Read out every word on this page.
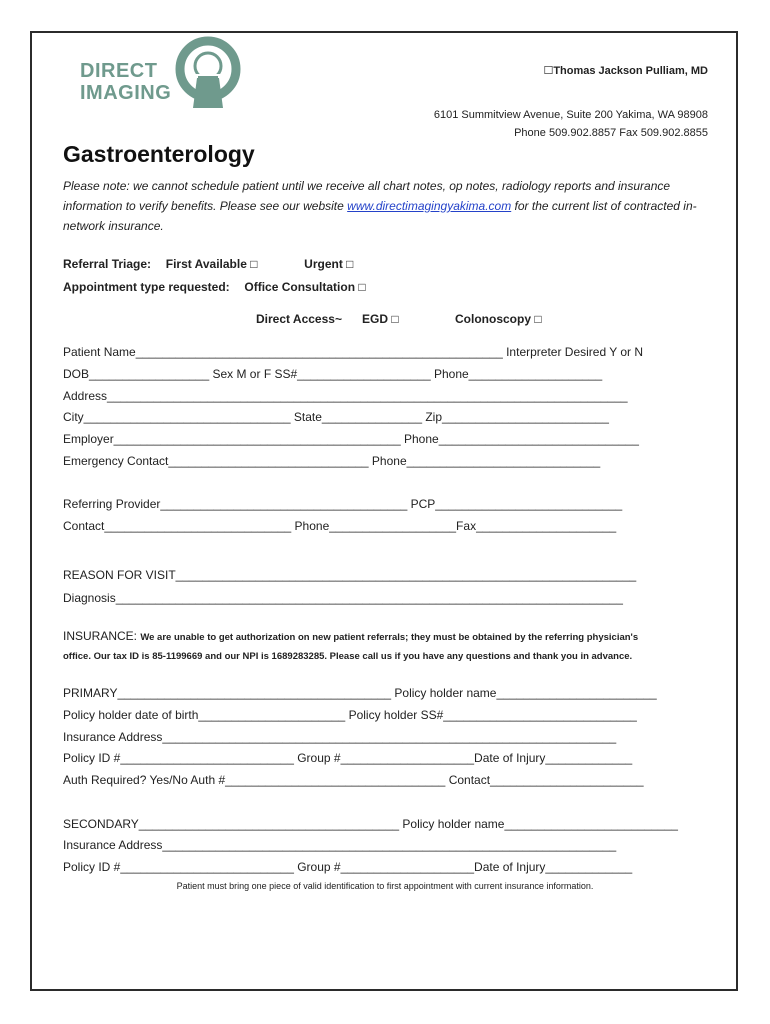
DIRECT
IMAGING
☐Thomas Jackson Pulliam, MD
6101 Summitview Avenue, Suite 200 Yakima, WA 98908
Phone 509.902.8857 Fax 509.902.8855
Gastroenterology
Please note: we cannot schedule patient until we receive all chart notes, op notes, radiology reports and insurance information to verify benefits. Please see our website www.directimagingyakima.com for the current list of contracted in-network insurance.
Referral Triage: First Available □	Urgent □
Appointment type requested: Office Consultation □
Direct Access~ EGD □	Colonoscopy □
Patient Name_______________________________________________________ Interpreter Desired Y or N
DOB__________________ Sex M or F SS#____________________ Phone____________________
Address______________________________________________________________________________
City_______________________________ State_______________ Zip_________________________
Employer___________________________________________ Phone______________________________
Emergency Contact______________________________ Phone_____________________________
Referring Provider_____________________________________ PCP____________________________
Contact____________________________ Phone___________________Fax_____________________
REASON FOR VISIT_____________________________________________________________________
Diagnosis____________________________________________________________________________
INSURANCE: We are unable to get authorization on new patient referrals; they must be obtained by the referring physician's
office. Our tax ID is 85-1199669 and our NPI is 1689283285. Please call us if you have any questions and thank you in advance.
PRIMARY_________________________________________ Policy holder name________________________
Policy holder date of birth______________________ Policy holder SS#_____________________________
Insurance Address____________________________________________________________________
Policy ID #__________________________ Group #____________________Date of Injury_____________
Auth Required? Yes/No Auth #_________________________________ Contact_______________________
SECONDARY_______________________________________ Policy holder name__________________________
Insurance Address____________________________________________________________________
Policy ID #__________________________ Group #____________________Date of Injury_____________
Patient must bring one piece of valid identification to first appointment with current insurance information.
